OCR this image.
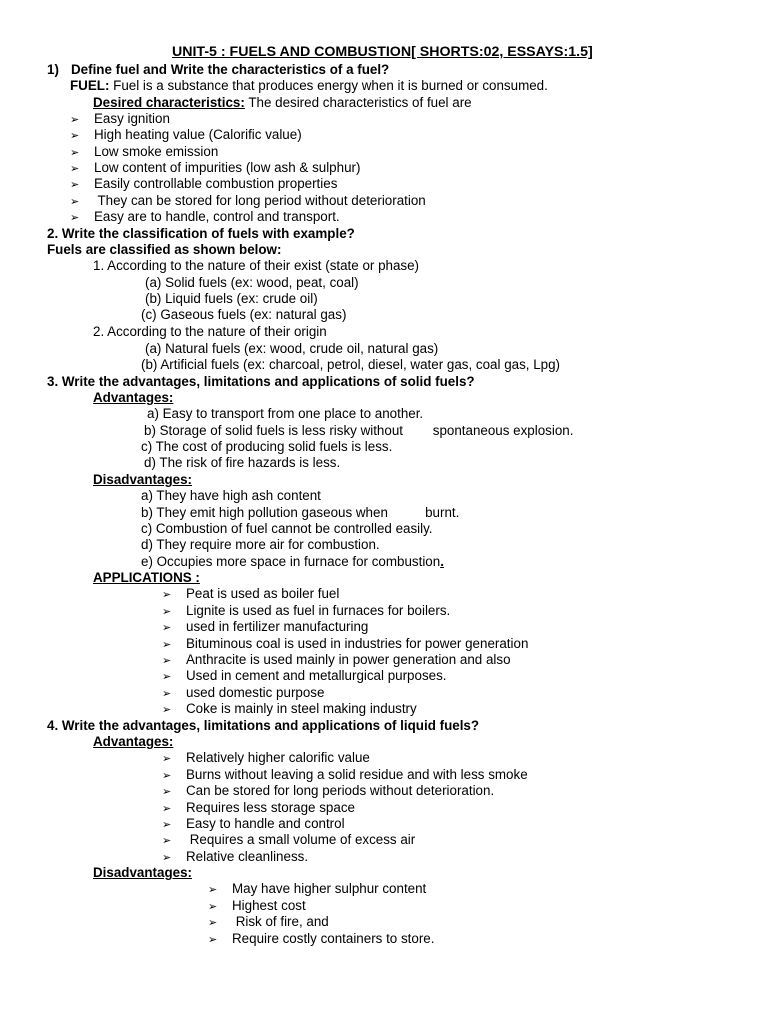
UNIT-5 : FUELS AND COMBUSTION[ SHORTS:02, ESSAYS:1.5]
1) Define fuel and Write the characteristics of a fuel?
FUEL: Fuel is a substance that produces energy when it is burned or consumed.
Desired characteristics: The desired characteristics of fuel are
➢ Easy ignition
➢ High heating value (Calorific value)
➢ Low smoke emission
➢ Low content of impurities (low ash & sulphur)
➢ Easily controllable combustion properties
➢ They can be stored for long period without deterioration
➢ Easy are to handle, control and transport.
2. Write the classification of fuels with example?
Fuels are classified as shown below:
1. According to the nature of their exist (state or phase)
(a) Solid fuels (ex: wood, peat, coal)
(b) Liquid fuels (ex: crude oil)
(c) Gaseous fuels (ex: natural gas)
2. According to the nature of their origin
(a) Natural fuels (ex: wood, crude oil, natural gas)
(b) Artificial fuels (ex: charcoal, petrol, diesel, water gas, coal gas, Lpg)
3. Write the advantages, limitations and applications of solid fuels?
Advantages:
a) Easy to transport from one place to another.
b) Storage of solid fuels is less risky without        spontaneous explosion.
c) The cost of producing solid fuels is less.
d) The risk of fire hazards is less.
Disadvantages:
a) They have high ash content
b) They emit high pollution gaseous when          burnt.
c) Combustion of fuel cannot be controlled easily.
d) They require more air for combustion.
e) Occupies more space in furnace for combustion.
APPLICATIONS :
➢ Peat is used as boiler fuel
➢ Lignite is used as fuel in furnaces for boilers.
➢ used in fertilizer manufacturing
➢ Bituminous coal is used in industries for power generation
➢ Anthracite is used mainly in power generation and also
➢ Used in cement and metallurgical purposes.
➢ used domestic purpose
➢ Coke is mainly in steel making industry
4. Write the advantages, limitations and applications of liquid fuels?
Advantages:
➢ Relatively higher calorific value
➢ Burns without leaving a solid residue and with less smoke
➢ Can be stored for long periods without deterioration.
➢ Requires less storage space
➢ Easy to handle and control
➢ Requires a small volume of excess air
➢ Relative cleanliness.
Disadvantages:
➢ May have higher sulphur content
➢ Highest cost
➢ Risk of fire, and
➢ Require costly containers to store.
